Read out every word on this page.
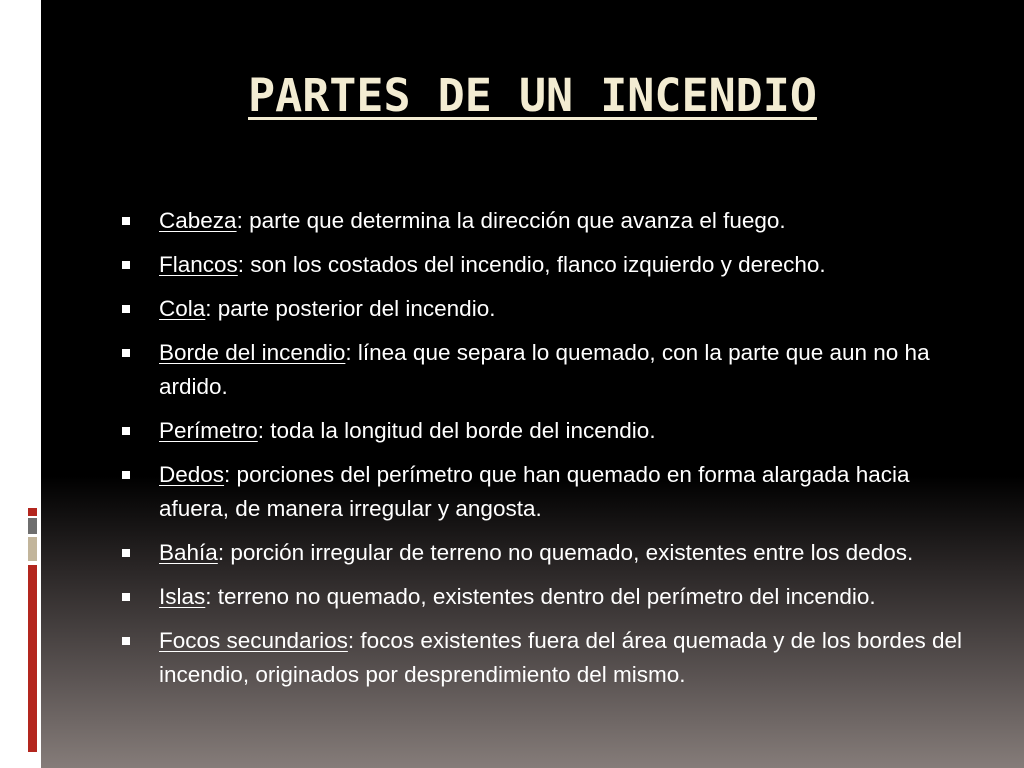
PARTES DE UN INCENDIO
Cabeza: parte que determina la dirección que avanza el fuego.
Flancos: son los costados del incendio, flanco izquierdo y derecho.
Cola: parte posterior del incendio.
Borde del incendio: línea que separa lo quemado, con la parte que aun no ha ardido.
Perímetro: toda la longitud del borde del incendio.
Dedos: porciones del perímetro que han quemado en forma alargada hacia afuera, de manera irregular y angosta.
Bahía: porción irregular de terreno no quemado, existentes entre los dedos.
Islas: terreno no quemado, existentes dentro del perímetro del incendio.
Focos secundarios: focos existentes fuera del área quemada y de los bordes del incendio, originados por desprendimiento del mismo.
